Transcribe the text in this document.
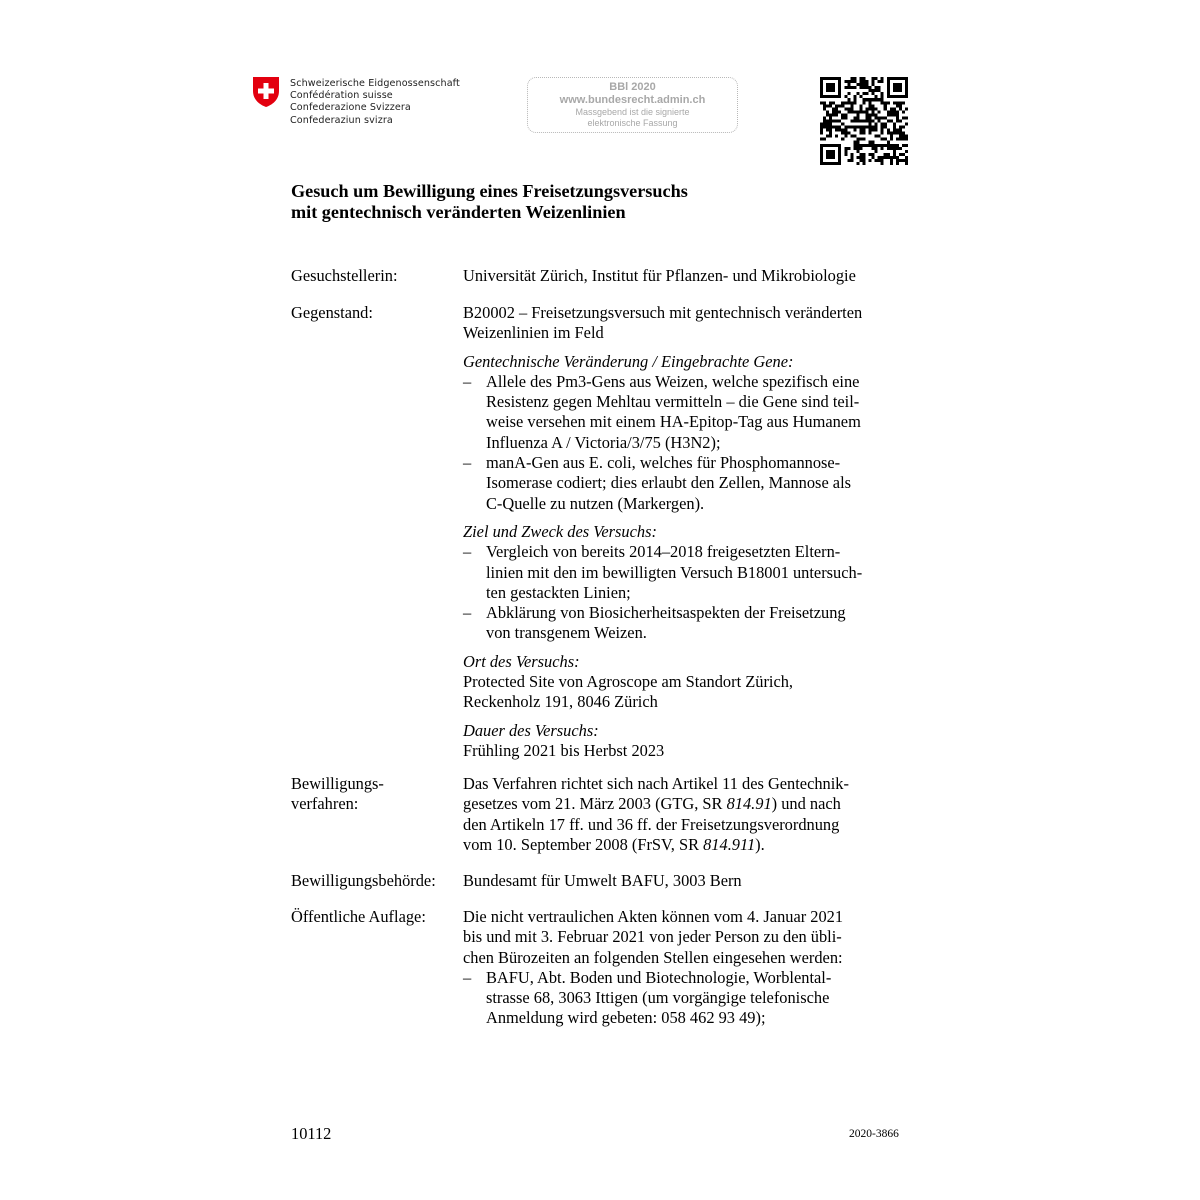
Schweizerische Eidgenossenschaft
Confédération suisse
Confederazione Svizzera
Confederaziun svizra
BBl 2020
www.bundesrecht.admin.ch
Massgebend ist die signierte
elektronische Fassung
Gesuch um Bewilligung eines Freisetzungsversuchs
mit gentechnisch veränderten Weizenlinien
Gesuchstellerin:	Universität Zürich, Institut für Pflanzen- und Mikrobiologie
Gegenstand:	B20002 – Freisetzungsversuch mit gentechnisch veränderten
Weizenlinien im Feld
Gentechnische Veränderung / Eingebrachte Gene:
– Allele des Pm3-Gens aus Weizen, welche spezifisch eine
Resistenz gegen Mehltau vermitteln – die Gene sind teil-
weise versehen mit einem HA-Epitop-Tag aus Humanem
Influenza A / Victoria/3/75 (H3N2);
– manA-Gen aus E. coli, welches für Phosphomannose-
Isomerase codiert; dies erlaubt den Zellen, Mannose als
C-Quelle zu nutzen (Markergen).
Ziel und Zweck des Versuchs:
– Vergleich von bereits 2014–2018 freigesetzten Eltern-
linien mit den im bewilligten Versuch B18001 untersuch-
ten gestackten Linien;
– Abklärung von Biosicherheitsaspekten der Freisetzung
von transgenem Weizen.
Ort des Versuchs:
Protected Site von Agroscope am Standort Zürich,
Reckenholz 191, 8046 Zürich
Dauer des Versuchs:
Frühling 2021 bis Herbst 2023
Bewilligungs-
verfahren:
Das Verfahren richtet sich nach Artikel 11 des Gentechnik-
gesetzes vom 21. März 2003 (GTG, SR 814.91) und nach
den Artikeln 17 ff. und 36 ff. der Freisetzungsverordnung
vom 10. September 2008 (FrSV, SR 814.911).
Bewilligungsbehörde:	Bundesamt für Umwelt BAFU, 3003 Bern
Öffentliche Auflage:	Die nicht vertraulichen Akten können vom 4. Januar 2021
bis und mit 3. Februar 2021 von jeder Person zu den übli-
chen Bürozeiten an folgenden Stellen eingesehen werden:
– BAFU, Abt. Boden und Biotechnologie, Worblental-
strasse 68, 3063 Ittigen (um vorgängige telefonische
Anmeldung wird gebeten: 058 462 93 49);
10112	2020-3866
